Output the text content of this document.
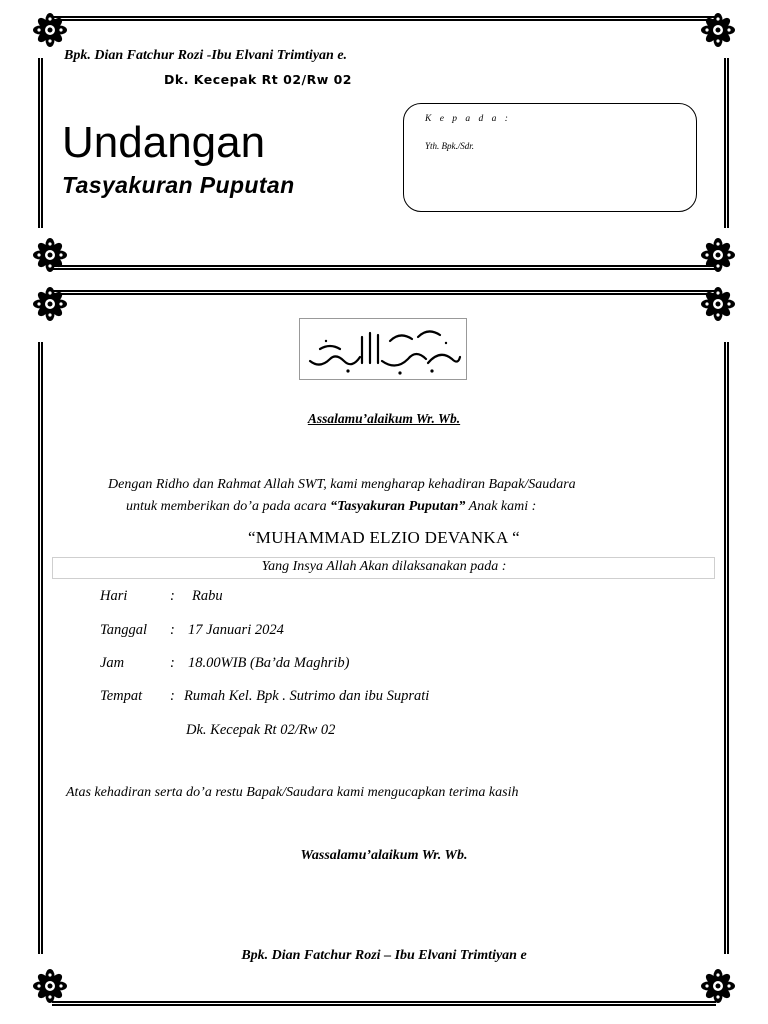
Bpk. Dian Fatchur Rozi -Ibu Elvani Trimtiyan e.
Dk. Kecepak Rt 02/Rw 02
Undangan
Tasyakuran Puputan
K e p a d a :
Yth. Bpk./Sdr.
Assalamu’alaikum Wr. Wb.
Dengan Ridho dan Rahmat Allah SWT, kami mengharap kehadiran Bapak/Saudara
untuk memberikan do’a pada acara “Tasyakuran Puputan” Anak kami :
“MUHAMMAD ELZIO DEVANKA “
Yang Insya Allah Akan dilaksanakan pada :
Hari	: Rabu
Tanggal : 17 Januari 2024
Jam	: 18.00WIB (Ba’da Maghrib)
Tempat : Rumah Kel. Bpk . Sutrimo dan ibu Suprati
Dk. Kecepak Rt 02/Rw 02
Atas kehadiran serta do’a restu Bapak/Saudara kami mengucapkan terima kasih
Wassalamu’alaikum Wr. Wb.
Bpk. Dian Fatchur Rozi – Ibu Elvani Trimtiyan e
